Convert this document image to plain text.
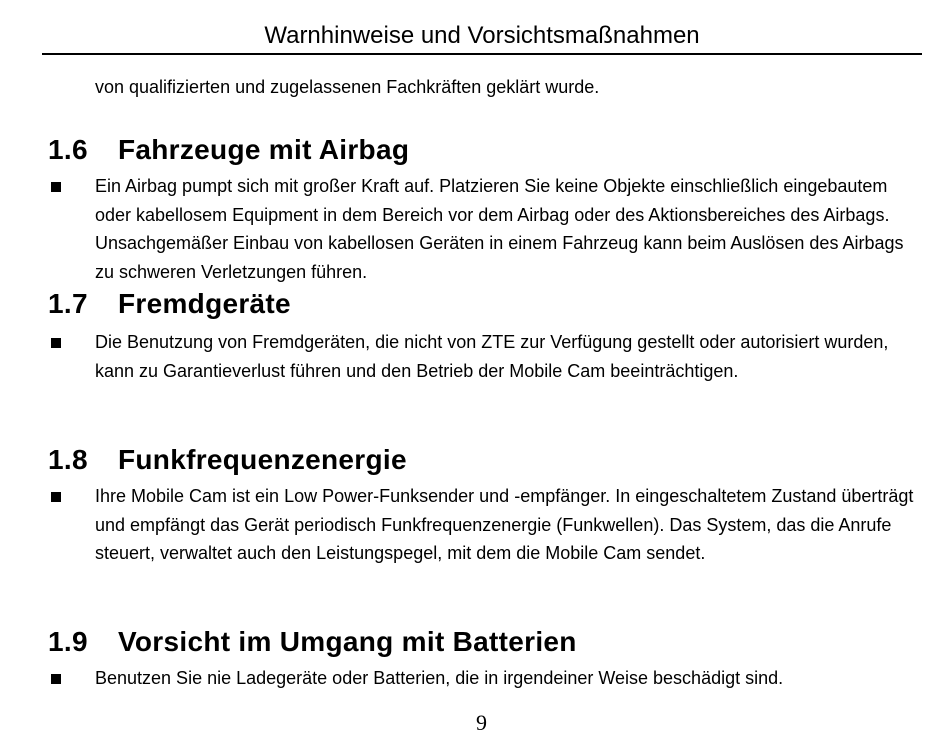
Warnhinweise und Vorsichtsmaßnahmen
von qualifizierten und zugelassenen Fachkräften geklärt wurde.
1.6	Fahrzeuge mit Airbag
Ein Airbag pumpt sich mit großer Kraft auf. Platzieren Sie keine Objekte einschließlich eingebautem oder kabellosem Equipment in dem Bereich vor dem Airbag oder des Aktionsbereiches des Airbags. Unsachgemäßer Einbau von kabellosen Geräten in einem Fahrzeug kann beim Auslösen des Airbags zu schweren Verletzungen führen.
1.7	Fremdgeräte
Die Benutzung von Fremdgeräten, die nicht von ZTE zur Verfügung gestellt oder autorisiert wurden, kann zu Garantieverlust führen und den Betrieb der Mobile Cam beeinträchtigen.
1.8	Funkfrequenzenergie
Ihre Mobile Cam ist ein Low Power-Funksender und -empfänger. In eingeschaltetem Zustand überträgt und empfängt das Gerät periodisch Funkfrequenzenergie (Funkwellen). Das System, das die Anrufe steuert, verwaltet auch den Leistungspegel, mit dem die Mobile Cam sendet.
1.9	Vorsicht im Umgang mit Batterien
Benutzen Sie nie Ladegeräte oder Batterien, die in irgendeiner Weise beschädigt sind.
9
